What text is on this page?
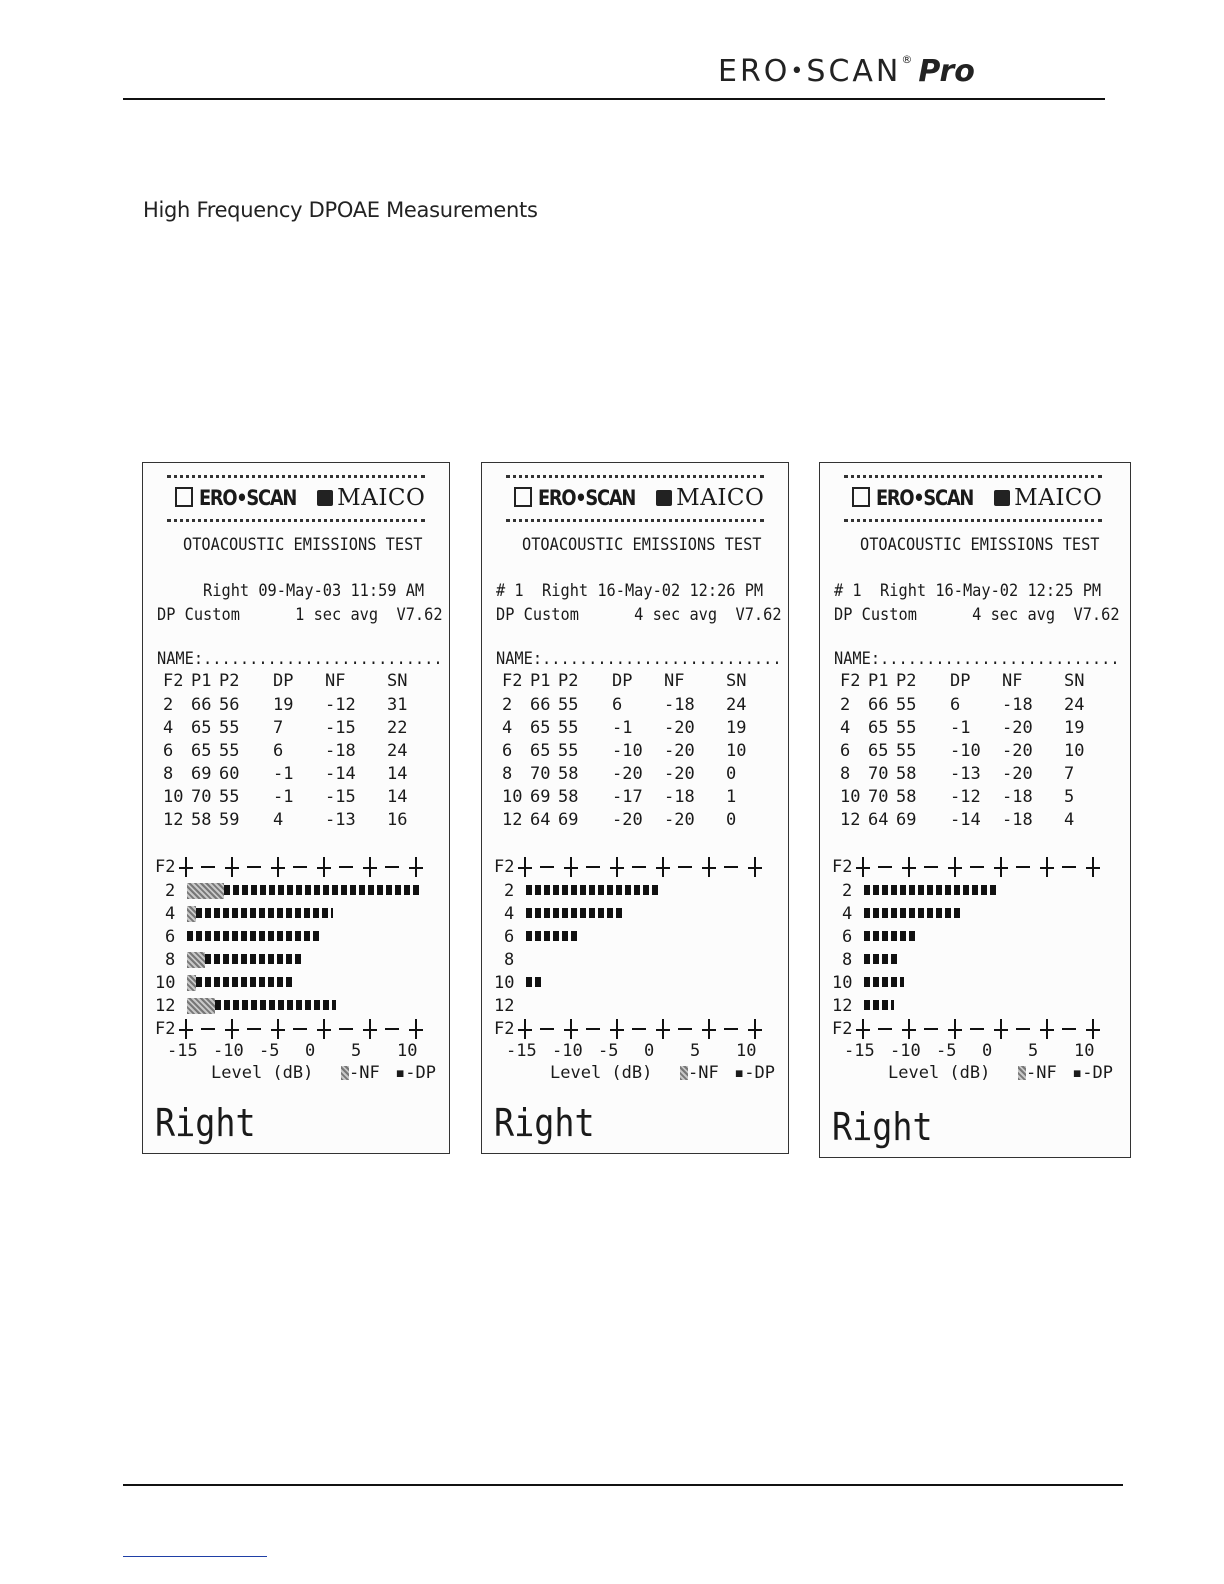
ERO•SCAN® Pro
High Frequency DPOAE Measurements
ERO•SCAN MAICO
OTOACOUSTIC EMISSIONS TEST
Right 09-May-03 11:59 AM
DP Custom      1 sec avg  V7.62
NAME:..........................
F2 P1 P2 DP NF SN
2 66 56 19 -12 31
4 65 55 7 -15 22
6 65 55 6 -18 24
8 69 60 -1 -14 14
10 70 55 -1 -15 14
12 58 59 4 -13 16
F2
2
4
6
8
10
12
F2
-15 -10 -5 0 5 10
Level (dB)	-NF ▪-DP
Right
ERO•SCAN MAICO
OTOACOUSTIC EMISSIONS TEST
# 1  Right 16-May-02 12:26 PM
DP Custom      4 sec avg  V7.62
NAME:..........................
F2 P1 P2 DP NF SN
2 66 55 6 -18 24
4 65 55 -1 -20 19
6 65 55 -10 -20 10
8 70 58 -20 -20 0
10 69 58 -17 -18 1
12 64 69 -20 -20 0
F2
2
4
6
8
10
12
F2
-15 -10 -5 0 5 10
Level (dB)	-NF ▪-DP
Right
ERO•SCAN MAICO
OTOACOUSTIC EMISSIONS TEST
# 1  Right 16-May-02 12:25 PM
DP Custom      4 sec avg  V7.62
NAME:..........................
F2 P1 P2 DP NF SN
2 66 55 6 -18 24
4 65 55 -1 -20 19
6 65 55 -10 -20 10
8 70 58 -13 -20 7
10 70 58 -12 -18 5
12 64 69 -14 -18 4
F2
2
4
6
8
10
12
F2
-15 -10 -5 0 5 10
Level (dB)	-NF ▪-DP
Right
